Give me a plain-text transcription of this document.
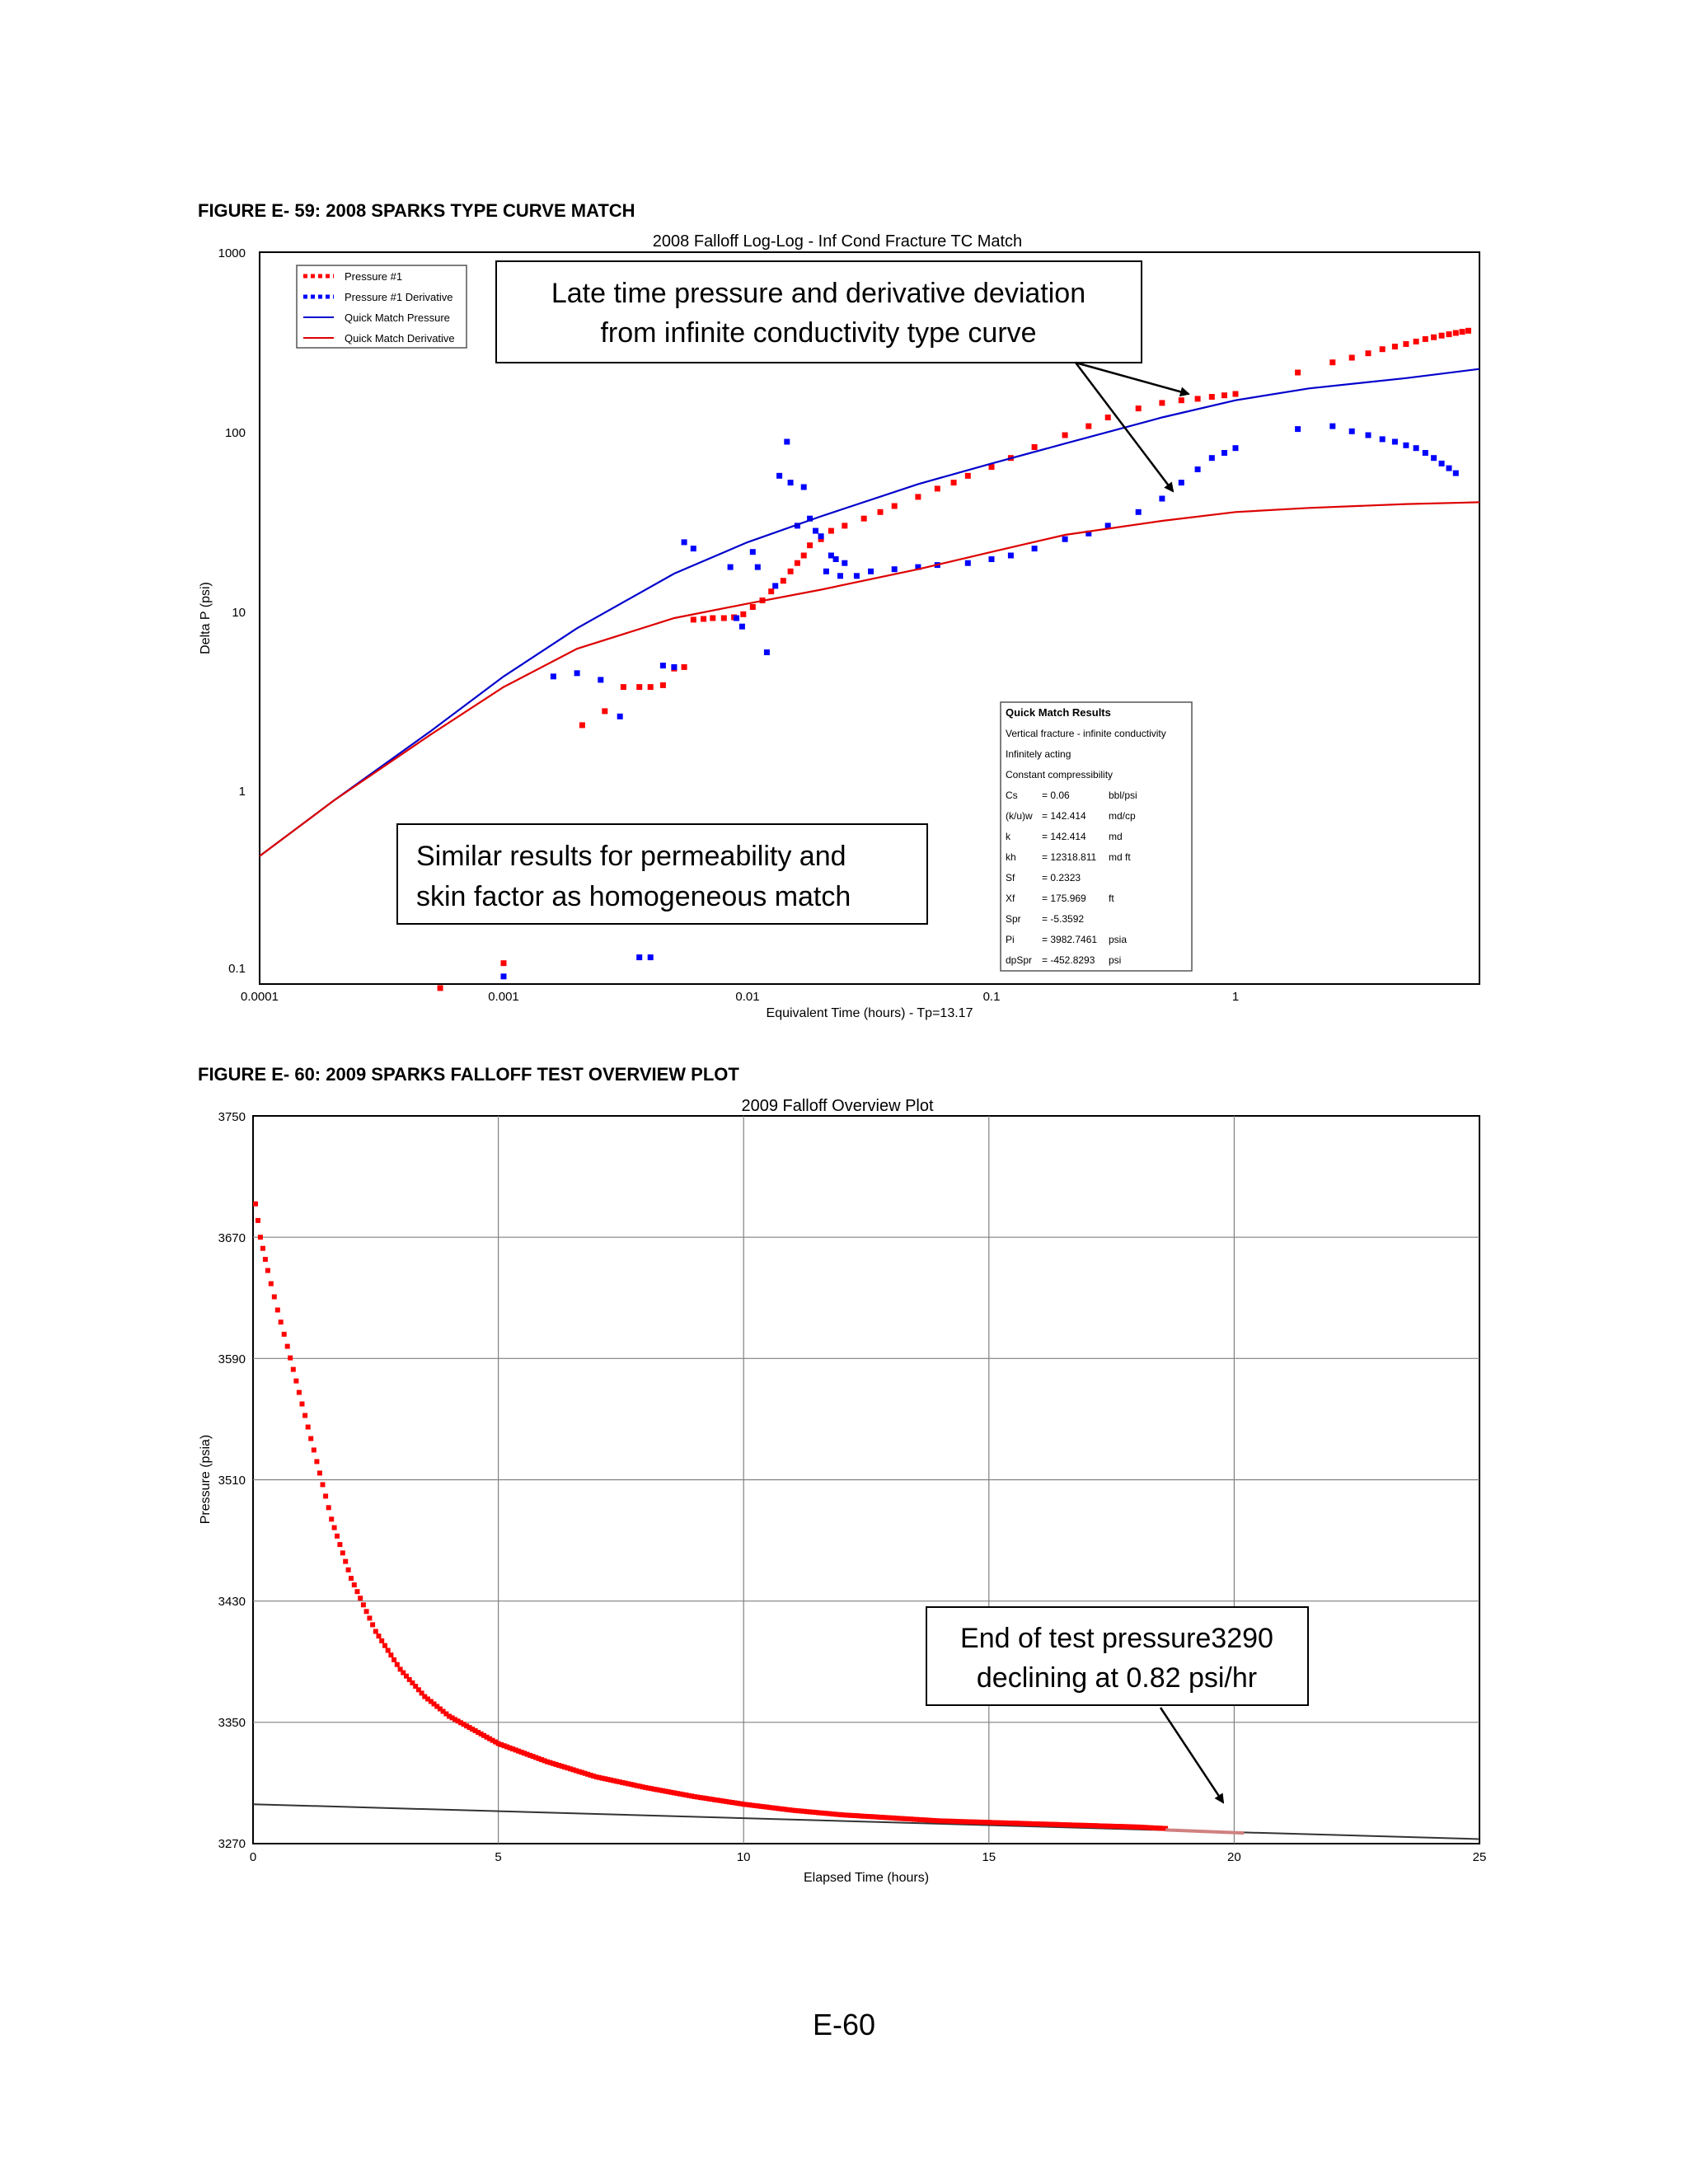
FIGURE E- 59: 2008 SPARKS TYPE CURVE MATCH
FIGURE E- 60: 2009 SPARKS FALLOFF TEST OVERVIEW PLOT
2008 Falloff Log-Log - Inf Cond Fracture TC Match
0.0001	0.001	0.01	0.1	1
1000
100
10
1
0.1
Equivalent Time (hours) - Tp=13.17
Delta P (psi)
Pressure #1
Pressure #1 Derivative
Quick Match Pressure
Quick Match Derivative
Late time pressure and derivative deviation
from infinite conductivity type curve
Similar results for permeability and
skin factor as homogeneous match
Quick Match Results
Vertical fracture - infinite conductivity
Infinitely acting
Constant compressibility
Cs = 0.06	bbl/psi
(k/u)w = 142.414 md/cp
k	= 142.414 md
kh	= 12318.811 md ft
Sf	= 0.2323
Xf	= 175.969 ft
Spr = -5.3592
Pi	= 3982.7461 psia
dpSpr = -452.8293 psi
2009 Falloff Overview Plot
0	5	10	15	20	25
3750
3670
3590
3510
3430
3350
3270
Elapsed Time (hours)
Pressure (psia)
End of test pressure3290
declining at 0.82 psi/hr
E-60
